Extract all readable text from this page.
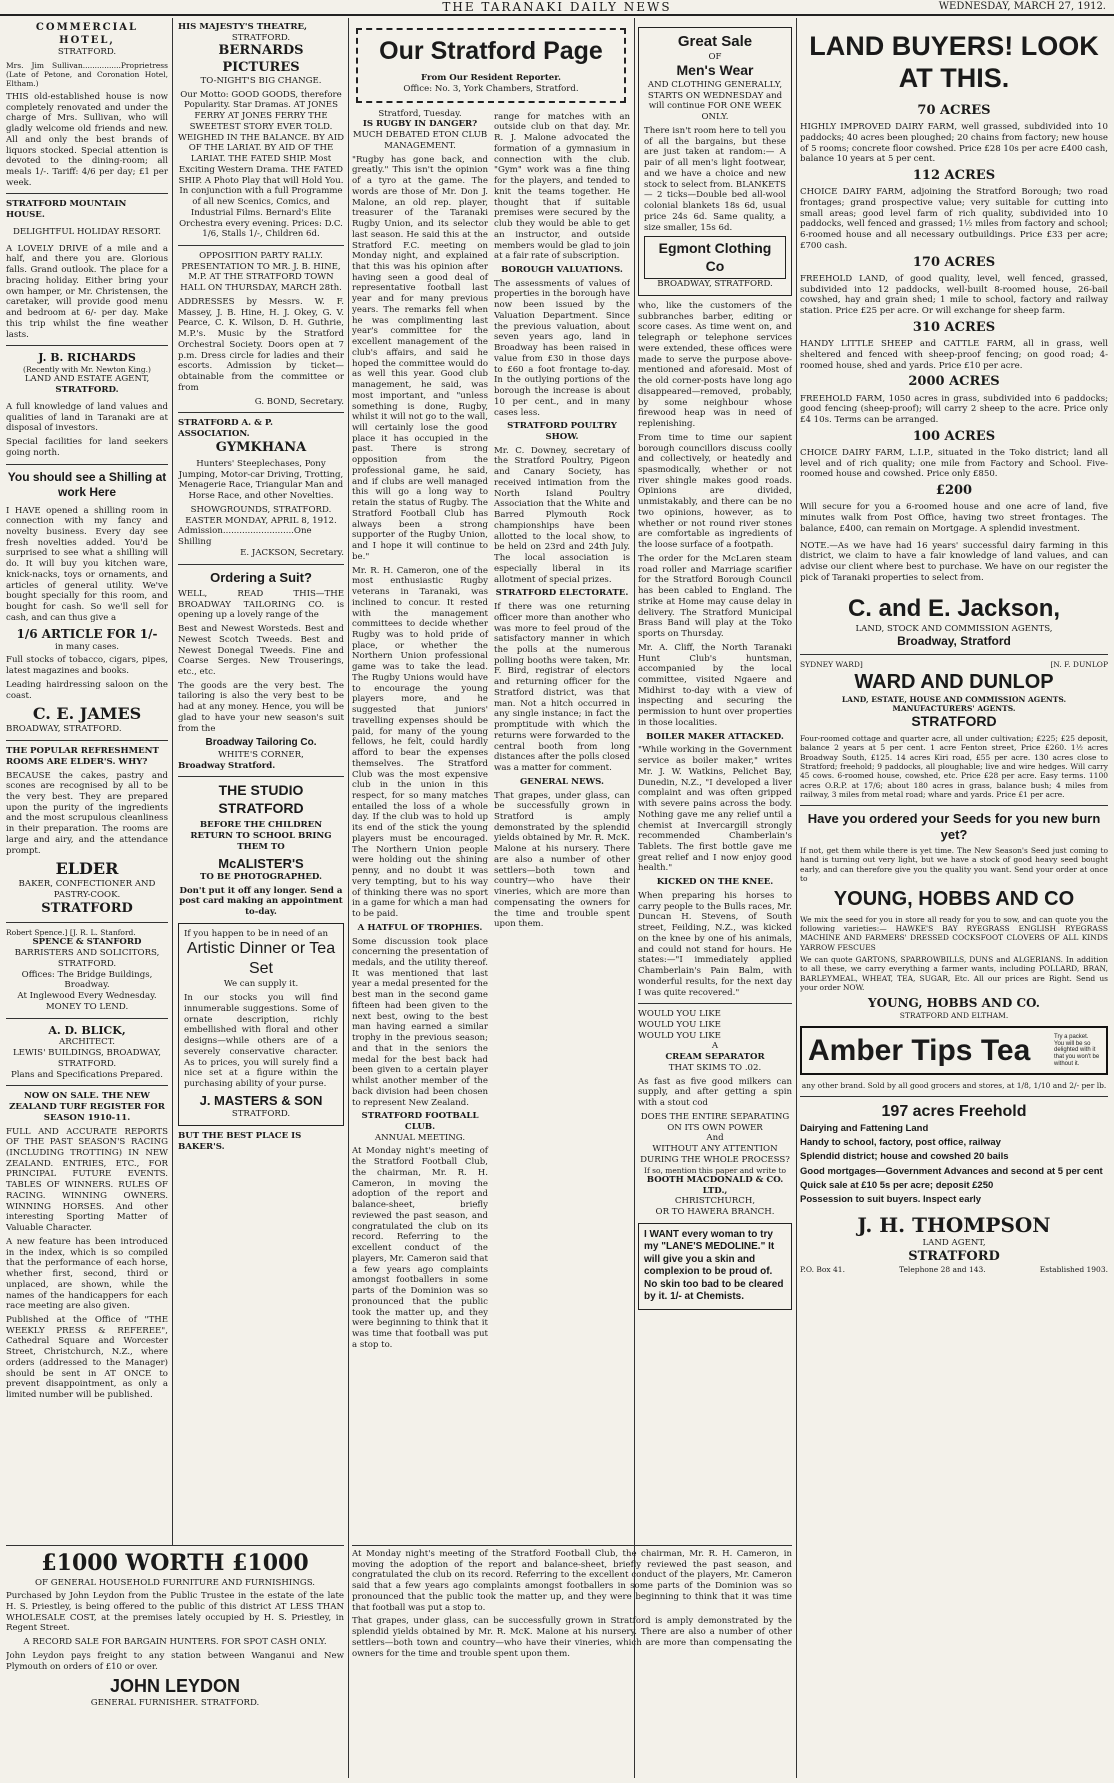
THE TARANAKI DAILY NEWS	WEDNESDAY, MARCH 27, 1912.
COMMERCIAL HOTEL,
STRATFORD.

Mrs. Jim Sullivan................Proprietress (Late of Petone, and Coronation Hotel, Eltham.)

THIS old-established house is now completely renovated and under the charge of Mrs. Sullivan, who will gladly welcome old friends and new. All and only the best brands of liquors stocked. Special attention is devoted to the dining-room; all meals 1/-. Tariff: 4/6 per day; £1 per week.

STRATFORD MOUNTAIN HOUSE.
DELIGHTFUL HOLIDAY RESORT.

A LOVELY DRIVE of a mile and a half, and there you are. Glorious falls. Grand outlook. The place for a bracing holiday. Either bring your own hamper, or Mr. Christensen, the caretaker, will provide good menu and bedroom at 6/- per day. Make this trip whilst the fine weather lasts.

J. B. RICHARDS
(Recently with Mr. Newton King.)
LAND AND ESTATE AGENT,
STRATFORD.

A full knowledge of land values and qualities of land in Taranaki are at disposal of investors.

Special facilities for land seekers going north.

You should see a Shilling at work Here

I HAVE opened a shilling room in connection with my fancy and novelty business. Every day see fresh novelties added. You'd be surprised to see what a shilling will do. It will buy you kitchen ware, knick-nacks, toys or ornaments, and articles of general utility. We've bought specially for this room, and bought for cash. So we'll sell for cash, and can thus give a

1/6 ARTICLE FOR 1/-
in many cases.

Full stocks of tobacco, cigars, pipes, latest magazines and books.

Leading hairdressing saloon on the coast.

C. E. JAMES
BROADWAY, STRATFORD.
THE POPULAR REFRESHMENT ROOMS ARE ELDER'S. WHY?

BECAUSE the cakes, pastry and scones are recognised by all to be the very best. They are prepared upon the purity of the ingredients and the most scrupulous cleanliness in their preparation. The rooms are large and airy, and the attendance prompt.

ELDER
BAKER, CONFECTIONER AND PASTRY-COOK.
STRATFORD
Robert Spence.] [J. R. L. Stanford.
SPENCE & STANFORD
BARRISTERS AND SOLICITORS, STRATFORD.
Offices: The Bridge Buildings, Broadway.
At Inglewood Every Wednesday.
MONEY TO LEND.
A. D. BLICK,
ARCHITECT.
LEWIS' BUILDINGS, BROADWAY, STRATFORD.
Plans and Specifications Prepared.
NOW ON SALE. THE NEW ZEALAND TURF REGISTER FOR SEASON 1910-11.

FULL AND ACCURATE REPORTS OF THE PAST SEASON'S RACING (INCLUDING TROTTING) IN NEW ZEALAND. ENTRIES, ETC., FOR PRINCIPAL FUTURE EVENTS. TABLES OF WINNERS. RULES OF RACING. WINNING OWNERS. WINNING HORSES. And other interesting Sporting Matter of Valuable Character.

A new feature has been introduced in the index, which is so compiled that the performance of each horse, whether first, second, third or unplaced, are shown, while the names of the handicappers for each race meeting are also given.

Published at the Office of "THE WEEKLY PRESS & REFEREE", Cathedral Square and Worcester Street, Christchurch, N.Z., where orders (addressed to the Manager) should be sent in AT ONCE to prevent disappointment, as only a limited number will be published.

HIS MAJESTY'S THEATRE,
STRATFORD.
BERNARDS PICTURES
TO-NIGHT'S BIG CHANGE.

Our Motto: GOOD GOODS, therefore Popularity. Star Dramas. AT JONES FERRY AT JONES FERRY THE SWEETEST STORY EVER TOLD. WEIGHED IN THE BALANCE. BY AID OF THE LARIAT. BY AID OF THE LARIAT. THE FATED SHIP. Most Exciting Western Drama. THE FATED SHIP. A Photo Play that will Hold You. In conjunction with a full Programme of all new Scenics, Comics, and Industrial Films. Bernard's Elite Orchestra every evening. Prices: D.C. 1/6, Stalls 1/-, Children 6d.

OPPOSITION PARTY RALLY.
PRESENTATION TO MR. J. B. HINE, M.P. AT THE STRATFORD TOWN HALL ON THURSDAY, MARCH 28th.

ADDRESSES by Messrs. W. F. Massey, J. B. Hine, H. J. Okey, G. V. Pearce, C. K. Wilson, D. H. Guthrie, M.P.'s. Music by the Stratford Orchestral Society. Doors open at 7 p.m. Dress circle for ladies and their escorts. Admission by ticket—obtainable from the committee or from

G. BOND, Secretary.
STRATFORD A. & P. ASSOCIATION.
GYMKHANA

Hunters' Steeplechases, Pony Jumping, Motor-car Driving, Trotting, Menagerie Race, Triangular Man and Horse Race, and other Novelties.

SHOWGROUNDS, STRATFORD.
EASTER MONDAY, APRIL 8, 1912.
Admission..........................One Shilling
E. JACKSON, Secretary.
Ordering a Suit?

WELL, READ THIS—THE BROADWAY TAILORING CO. is opening up a lovely range of the

Best and Newest Worsteds. Best and Newest Scotch Tweeds. Best and Newest Donegal Tweeds. Fine and Coarse Serges. New Trouserings, etc., etc.

The goods are the very best. The tailoring is also the very best to be had at any money. Hence, you will be glad to have your new season's suit from the

Broadway Tailoring Co.
WHITE'S CORNER,
Broadway Stratford.
THE STUDIO STRATFORD

BEFORE THE CHILDREN RETURN TO SCHOOL BRING THEM TO

McALISTER'S
TO BE PHOTOGRAPHED.

Don't put it off any longer. Send a post card making an appointment to-day.

If you happen to be in need of an
Artistic Dinner or Tea Set
We can supply it.

In our stocks you will find innumerable suggestions. Some of ornate description, richly embellished with floral and other designs—while others are of a severely conservative character. As to prices, you will surely find a nice set at a figure within the purchasing ability of your purse.

J. MASTERS & SON
STRATFORD.
BUT THE BEST PLACE IS BAKER'S.
Our Stratford Page
From Our Resident Reporter.
Office: No. 3, York Chambers, Stratford.
Stratford, Tuesday.
IS RUGBY IN DANGER?
MUCH DEBATED ETON CLUB MANAGEMENT.

"Rugby has gone back, and greatly." This isn't the opinion of a tyro at the game. The words are those of Mr. Don J. Malone, an old rep. player, treasurer of the Taranaki Rugby Union, and its selector last season. He said this at the Stratford F.C. meeting on Monday night, and explained that this was his opinion after having seen a good deal of representative football last year and for many previous years. The remarks fell when he was complimenting last year's committee for the excellent management of the club's affairs, and said he hoped the committee would do as well this year. Good club management, he said, was most important, and "unless something is done, Rugby, whilst it will not go to the wall, will certainly lose the good place it has occupied in the past. There is strong opposition from the professional game, he said, and if clubs are well managed this will go a long way to retain the status of Rugby. The Stratford Football Club has always been a strong supporter of the Rugby Union, and I hope it will continue to be."

Mr. R. H. Cameron, one of the most enthusiastic Rugby veterans in Taranaki, was inclined to concur. It rested with the management committees to decide whether Rugby was to hold pride of place, or whether the Northern Union professional game was to take the lead. The Rugby Unions would have to encourage the young players more, and he suggested that juniors' travelling expenses should be paid, for many of the young fellows, he felt, could hardly afford to bear the expenses themselves. The Stratford Club was the most expensive club in the union in this respect, for so many matches entailed the loss of a whole day. If the club was to hold up its end of the stick the young players must be encouraged. The Northern Union people were holding out the shining penny, and no doubt it was very tempting, but to his way of thinking there was no sport in a game for which a man had to be paid.

A HATFUL OF TROPHIES.

Some discussion took place concerning the presentation of medals, and the utility thereof. It was mentioned that last year a medal presented for the best man in the second game fifteen had been given to the next best, owing to the best man having earned a similar trophy in the previous season; and that in the seniors the medal for the best back had been given to a certain player whilst another member of the back division had been chosen to represent New Zealand.

STRATFORD FOOTBALL CLUB.
ANNUAL MEETING.

At Monday night's meeting of the Stratford Football Club, the chairman, Mr. R. H. Cameron, in moving the adoption of the report and balance-sheet, briefly reviewed the past season, and congratulated the club on its record. Referring to the excellent conduct of the players, Mr. Cameron said that a few years ago complaints amongst footballers in some parts of the Dominion was so pronounced that the public took the matter up, and they were beginning to think that it was time that football was put a stop to.

range for matches with an outside club on that day. Mr. R. J. Malone advocated the formation of a gymnasium in connection with the club. "Gym" work was a fine thing for the players, and tended to knit the teams together. He thought that if suitable premises were secured by the club they would be able to get an instructor, and outside members would be glad to join at a fair rate of subscription.

BOROUGH VALUATIONS.

The assessments of values of properties in the borough have now been issued by the Valuation Department. Since the previous valuation, about seven years ago, land in Broadway has been raised in value from £30 in those days to £60 a foot frontage to-day. In the outlying portions of the borough the increase is about 10 per cent., and in many cases less.

STRATFORD POULTRY SHOW.

Mr. C. Downey, secretary of the Stratford Poultry, Pigeon and Canary Society, has received intimation from the North Island Poultry Association that the White and Barred Plymouth Rock championships have been allotted to the local show, to be held on 23rd and 24th July. The local association is especially liberal in its allotment of special prizes.

STRATFORD ELECTORATE.

If there was one returning officer more than another who was more to feel proud of the satisfactory manner in which the polls at the numerous polling booths were taken, Mr. F. Bird, registrar of electors and returning officer for the Stratford district, was that man. Not a hitch occurred in any single instance; in fact the promptitude with which the returns were forwarded to the central booth from long distances after the polls closed was a matter for comment.

GENERAL NEWS.

That grapes, under glass, can be successfully grown in Stratford is amply demonstrated by the splendid yields obtained by Mr. R. McK. Malone at his nursery. There are also a number of other settlers—both town and country—who have their vineries, which are more than compensating the owners for the time and trouble spent upon them.

Great Sale
OF
Men's Wear
AND CLOTHING GENERALLY, STARTS ON WEDNESDAY and will continue FOR ONE WEEK ONLY.

There isn't room here to tell you of all the bargains, but these are just taken at random:— A pair of all men's light footwear, and we have a choice and new stock to select from. BLANKETS — 2 ticks—Double bed all-wool colonial blankets 18s 6d, usual price 24s 6d. Same quality, a size smaller, 15s 6d.

Egmont Clothing Co
BROADWAY, STRATFORD.

who, like the customers of the subbranches barber, editing or score cases. As time went on, and telegraph or telephone services were extended, these offices were made to serve the purpose above-mentioned and aforesaid. Most of the old corner-posts have long ago disappeared—removed, probably, by some neighbour whose firewood heap was in need of replenishing.

From time to time our sapient borough councillors discuss coolly and collectively, or heatedly and spasmodically, whether or not river shingle makes good roads. Opinions are divided, unmistakably, and there can be no two opinions, however, as to whether or not round river stones are comfortable as ingredients of the loose surface of a footpath.

The order for the McLaren steam road roller and Marriage scarifier for the Stratford Borough Council has been cabled to England. The strike at Home may cause delay in delivery. The Stratford Municipal Brass Band will play at the Toko sports on Thursday.

Mr. A. Cliff, the North Taranaki Hunt Club's huntsman, accompanied by the local committee, visited Ngaere and Midhirst to-day with a view of inspecting and securing the permission to hunt over properties in those localities.

BOILER MAKER ATTACKED.

"While working in the Government service as boiler maker," writes Mr. J. W. Watkins, Pelichet Bay, Dunedin, N.Z., "I developed a liver complaint and was often gripped with severe pains across the body. Nothing gave me any relief until a chemist at Invercargill strongly recommended Chamberlain's Tablets. The first bottle gave me great relief and I now enjoy good health."

KICKED ON THE KNEE.

When preparing his horses to carry people to the Bulls races, Mr. Duncan H. Stevens, of South street, Feilding, N.Z., was kicked on the knee by one of his animals, and could not stand for hours. He states:—"I immediately applied Chamberlain's Pain Balm, with wonderful results, for the next day I was quite recovered."

WOULD YOU LIKE
WOULD YOU LIKE
WOULD YOU LIKE
A
CREAM SEPARATOR
THAT SKIMS TO .02.

As fast as five good milkers can supply, and after getting a spin with a stout cod

DOES THE ENTIRE SEPARATING
ON ITS OWN POWER
And
WITHOUT ANY ATTENTION
DURING THE WHOLE PROCESS?
If so, mention this paper and write to
BOOTH MACDONALD & CO. LTD.,
CHRISTCHURCH,
OR TO HAWERA BRANCH.
I WANT every woman to try my "LANE'S MEDOLINE." It will give you a skin and complexion to be proud of. No skin too bad to be cleared by it. 1/- at Chemists.
LAND BUYERS! LOOK AT THIS.
70 ACRES

HIGHLY IMPROVED DAIRY FARM, well grassed, subdivided into 10 paddocks; 40 acres been ploughed; 20 chains from factory; new house of 5 rooms; concrete floor cowshed. Price £28 10s per acre £400 cash, balance 10 years at 5 per cent.

112 ACRES

CHOICE DAIRY FARM, adjoining the Stratford Borough; two road frontages; grand prospective value; very suitable for cutting into small areas; good level farm of rich quality, subdivided into 10 paddocks, well fenced and grassed; 1½ miles from factory and school; 6-roomed house and all necessary outbuildings. Price £33 per acre; £700 cash.

170 ACRES

FREEHOLD LAND, of good quality, level, well fenced, grassed, subdivided into 12 paddocks, well-built 8-roomed house, 26-bail cowshed, hay and grain shed; 1 mile to school, factory and railway station. Price £25 per acre. Or will exchange for sheep farm.

310 ACRES

HANDY LITTLE SHEEP and CATTLE FARM, all in grass, well sheltered and fenced with sheep-proof fencing; on good road; 4-roomed house, shed and yards. Price £10 per acre.

2000 ACRES

FREEHOLD FARM, 1050 acres in grass, subdivided into 6 paddocks; good fencing (sheep-proof); will carry 2 sheep to the acre. Price only £4 10s. Terms can be arranged.

100 ACRES

CHOICE DAIRY FARM, L.I.P., situated in the Toko district; land all level and of rich quality; one mile from Factory and School. Five-roomed house and cowshed. Price only £850.

£200

Will secure for you a 6-roomed house and one acre of land, five minutes walk from Post Office, having two street frontages. The balance, £400, can remain on Mortgage. A splendid investment.

NOTE.—As we have had 16 years' successful dairy farming in this district, we claim to have a fair knowledge of land values, and can advise our client where best to purchase. We have on our register the pick of Taranaki properties to select from.

C. and E. Jackson,
LAND, STOCK AND COMMISSION AGENTS,
Broadway, Stratford
SYDNEY WARD]	[N. F. DUNLOP
WARD AND DUNLOP
LAND, ESTATE, HOUSE AND COMMISSION AGENTS. MANUFACTURERS' AGENTS.
STRATFORD

Four-roomed cottage and quarter acre, all under cultivation; £225; £25 deposit, balance 2 years at 5 per cent. 1 acre Fenton street, Price £260. 1½ acres Broadway South, £125. 14 acres Kiri road, £55 per acre. 130 acres close to Stratford; freehold; 9 paddocks, all ploughable; live and wire hedges. Will carry 45 cows. 6-roomed house, cowshed, etc. Price £28 per acre. Easy terms. 1100 acres O.R.P. at 17/6; about 180 acres in grass, balance bush; 4 miles from railway, 3 miles from metal road; whare and yards. Price £1 per acre.

Have you ordered your Seeds for you new burn yet?

If not, get them while there is yet time. The New Season's Seed just coming to hand is turning out very light, but we have a stock of good heavy seed bought early, and can therefore give you the quality you want. Send your order at once to

YOUNG, HOBBS AND CO

We mix the seed for you in store all ready for you to sow, and can quote you the following varieties:— HAWKE'S BAY RYEGRASS ENGLISH RYEGRASS MACHINE AND FARMERS' DRESSED COCKSFOOT CLOVERS OF ALL KINDS YARROW FESCUES

We can quote GARTONS, SPARROWBILLS, DUNS and ALGERIANS. In addition to all these, we carry everything a farmer wants, including POLLARD, BRAN, BARLEYMEAL, WHEAT, TEA, SUGAR, Etc. All our prices are Right. Send us your order NOW.

YOUNG, HOBBS AND CO.
STRATFORD AND ELTHAM.
Amber Tips Tea	Try a packet. You will be so delighted with it that you won't be without it.
any other brand. Sold by all good grocers and stores, at 1/8, 1/10 and 2/- per lb.
197 acres Freehold
Dairying and Fattening Land
Handy to school, factory, post office, railway
Splendid district; house and cowshed 20 bails
Good mortgages—Government Advances and second at 5 per cent
Quick sale at £10 5s per acre; deposit £250
Possession to suit buyers. Inspect early
J. H. THOMPSON
LAND AGENT,
STRATFORD
P.O. Box 41.	Telephone 28 and 143.	Established 1903.
£1000 WORTH £1000
OF GENERAL HOUSEHOLD FURNITURE AND FURNISHINGS.

Purchased by John Leydon from the Public Trustee in the estate of the late H. S. Priestley, is being offered to the public of this district AT LESS THAN WHOLESALE COST, at the premises lately occupied by H. S. Priestley, in Regent Street.

A RECORD SALE FOR BARGAIN HUNTERS. FOR SPOT CASH ONLY.

John Leydon pays freight to any station between Wanganui and New Plymouth on orders of £10 or over.

JOHN LEYDON
GENERAL FURNISHER. STRATFORD.

At Monday night's meeting of the Stratford Football Club, the chairman, Mr. R. H. Cameron, in moving the adoption of the report and balance-sheet, briefly reviewed the past season, and congratulated the club on its record. Referring to the excellent conduct of the players, Mr. Cameron said that a few years ago complaints amongst footballers in some parts of the Dominion was so pronounced that the public took the matter up, and they were beginning to think that it was time that football was put a stop to.

That grapes, under glass, can be successfully grown in Stratford is amply demonstrated by the splendid yields obtained by Mr. R. McK. Malone at his nursery. There are also a number of other settlers—both town and country—who have their vineries, which are more than compensating the owners for the time and trouble spent upon them.
